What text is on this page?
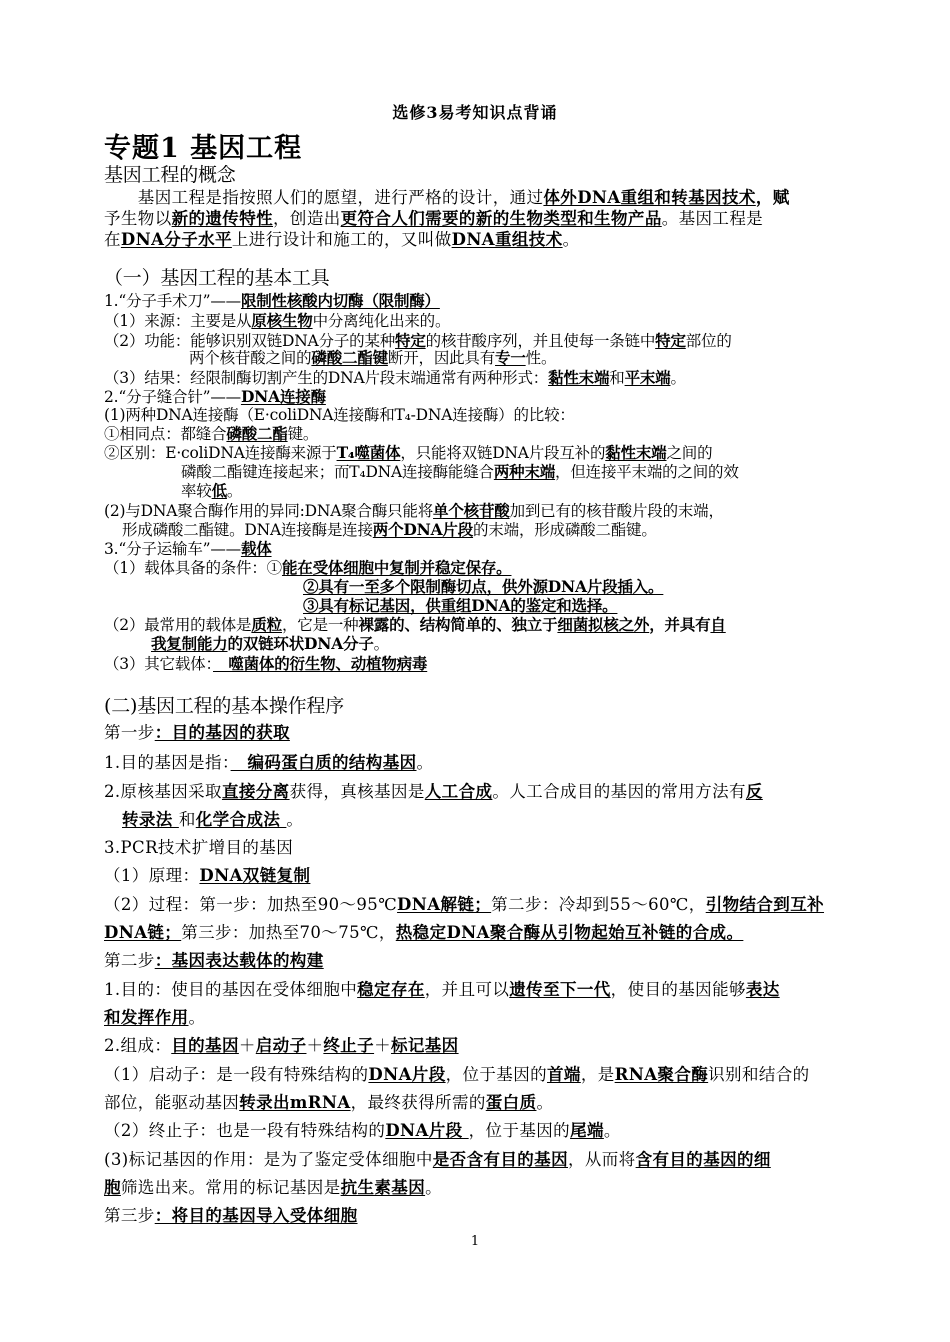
选修3易考知识点背诵
专题1 基因工程
基因工程的概念
　　基因工程是指按照人们的愿望，进行严格的设计，通过体外DNA重组和转基因技术，赋
予生物以新的遗传特性，创造出更符合人们需要的新的生物类型和生物产品。基因工程是
在DNA分子水平上进行设计和施工的，又叫做DNA重组技术。
（一）基因工程的基本工具
1.“分子手术刀”——限制性核酸内切酶（限制酶）
（1）来源：主要是从原核生物中分离纯化出来的。
（2）功能：能够识别双链DNA分子的某种特定的核苷酸序列，并且使每一条链中特定部位的
两个核苷酸之间的磷酸二酯键断开，因此具有专一性。
（3）结果：经限制酶切割产生的DNA片段末端通常有两种形式：黏性末端和平末端。
2.“分子缝合针”——DNA连接酶
(1)两种DNA连接酶（E·coliDNA连接酶和T₄-DNA连接酶）的比较：
①相同点：都缝合磷酸二酯键。
②区别：E·coliDNA连接酶来源于T₄噬菌体，只能将双链DNA片段互补的黏性末端之间的
磷酸二酯键连接起来；而T₄DNA连接酶能缝合两种末端，但连接平末端的之间的效
率较低。
(2)与DNA聚合酶作用的异同:DNA聚合酶只能将单个核苷酸加到已有的核苷酸片段的末端，
形成磷酸二酯键。DNA连接酶是连接两个DNA片段的末端，形成磷酸二酯键。
3.“分子运输车”——载体
（1）载体具备的条件：①能在受体细胞中复制并稳定保存。
②具有一至多个限制酶切点，供外源DNA片段插入。
③具有标记基因，供重组DNA的鉴定和选择。
（2）最常用的载体是质粒，它是一种裸露的、结构简单的、独立于细菌拟核之外，并具有自
我复制能力的双链环状DNA分子。
（3）其它载体：　噬菌体的衍生物、动植物病毒
(二)基因工程的基本操作程序
第一步：目的基因的获取
1.目的基因是指：　编码蛋白质的结构基因。
2.原核基因采取直接分离获得，真核基因是人工合成。人工合成目的基因的常用方法有反
转录法 和化学合成法 。
3.PCR技术扩增目的基因
（1）原理：DNA双链复制
（2）过程：第一步：加热至90～95℃DNA解链；第二步：冷却到55～60℃，引物结合到互补
DNA链；第三步：加热至70～75℃，热稳定DNA聚合酶从引物起始互补链的合成。
第二步：基因表达载体的构建
1.目的：使目的基因在受体细胞中稳定存在，并且可以遗传至下一代，使目的基因能够表达
和发挥作用。
2.组成：目的基因＋启动子＋终止子＋标记基因
（1）启动子：是一段有特殊结构的DNA片段，位于基因的首端，是RNA聚合酶识别和结合的
部位，能驱动基因转录出mRNA，最终获得所需的蛋白质。
（2）终止子：也是一段有特殊结构的DNA片段 ，位于基因的尾端。
(3)标记基因的作用：是为了鉴定受体细胞中是否含有目的基因，从而将含有目的基因的细
胞筛选出来。常用的标记基因是抗生素基因。
第三步：将目的基因导入受体细胞
1
